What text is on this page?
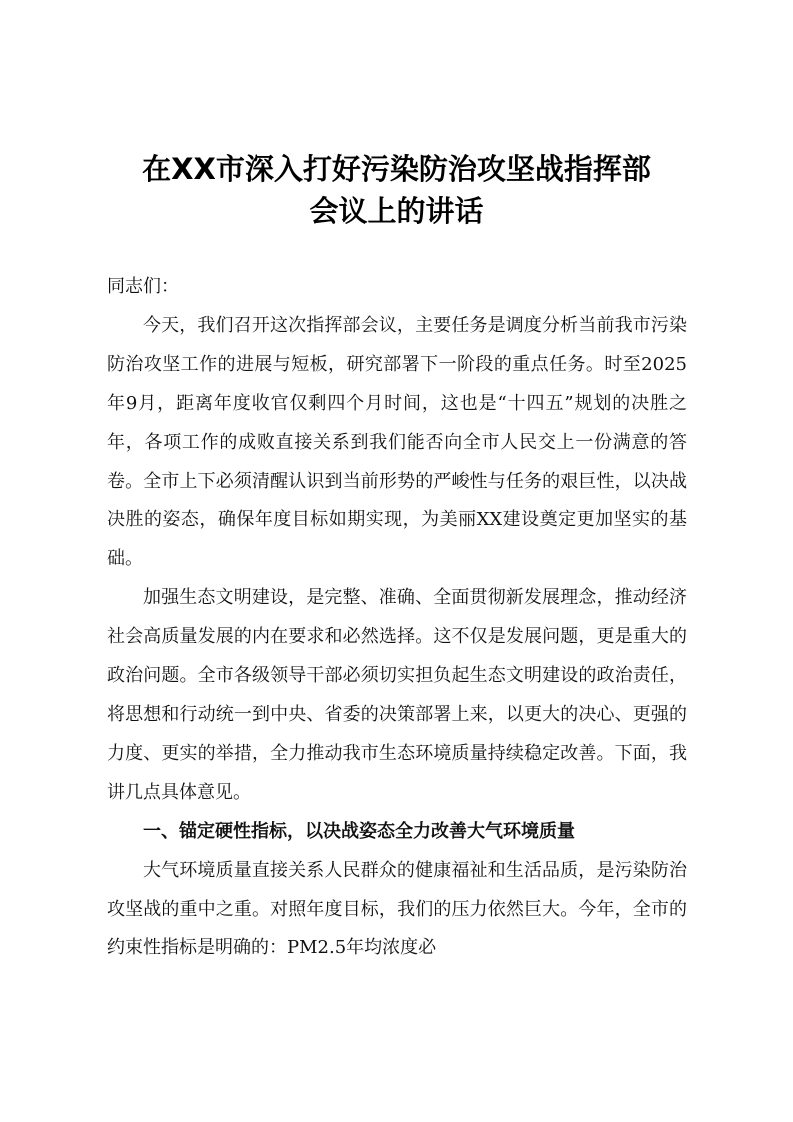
在XX市深入打好污染防治攻坚战指挥部
会议上的讲话

同志们：

今天，我们召开这次指挥部会议，主要任务是调度分析当前我市污染防治攻坚工作的进展与短板，研究部署下一阶段的重点任务。时至2025年9月，距离年度收官仅剩四个月时间，这也是“十四五”规划的决胜之年，各项工作的成败直接关系到我们能否向全市人民交上一份满意的答卷。全市上下必须清醒认识到当前形势的严峻性与任务的艰巨性，以决战决胜的姿态，确保年度目标如期实现，为美丽XX建设奠定更加坚实的基础。

加强生态文明建设，是完整、准确、全面贯彻新发展理念，推动经济社会高质量发展的内在要求和必然选择。这不仅是发展问题，更是重大的政治问题。全市各级领导干部必须切实担负起生态文明建设的政治责任，将思想和行动统一到中央、省委的决策部署上来，以更大的决心、更强的力度、更实的举措，全力推动我市生态环境质量持续稳定改善。下面，我讲几点具体意见。

一、锚定硬性指标，以决战姿态全力改善大气环境质量

大气环境质量直接关系人民群众的健康福祉和生活品质，是污染防治攻坚战的重中之重。对照年度目标，我们的压力依然巨大。今年，全市的约束性指标是明确的：PM2.5年均浓度必
